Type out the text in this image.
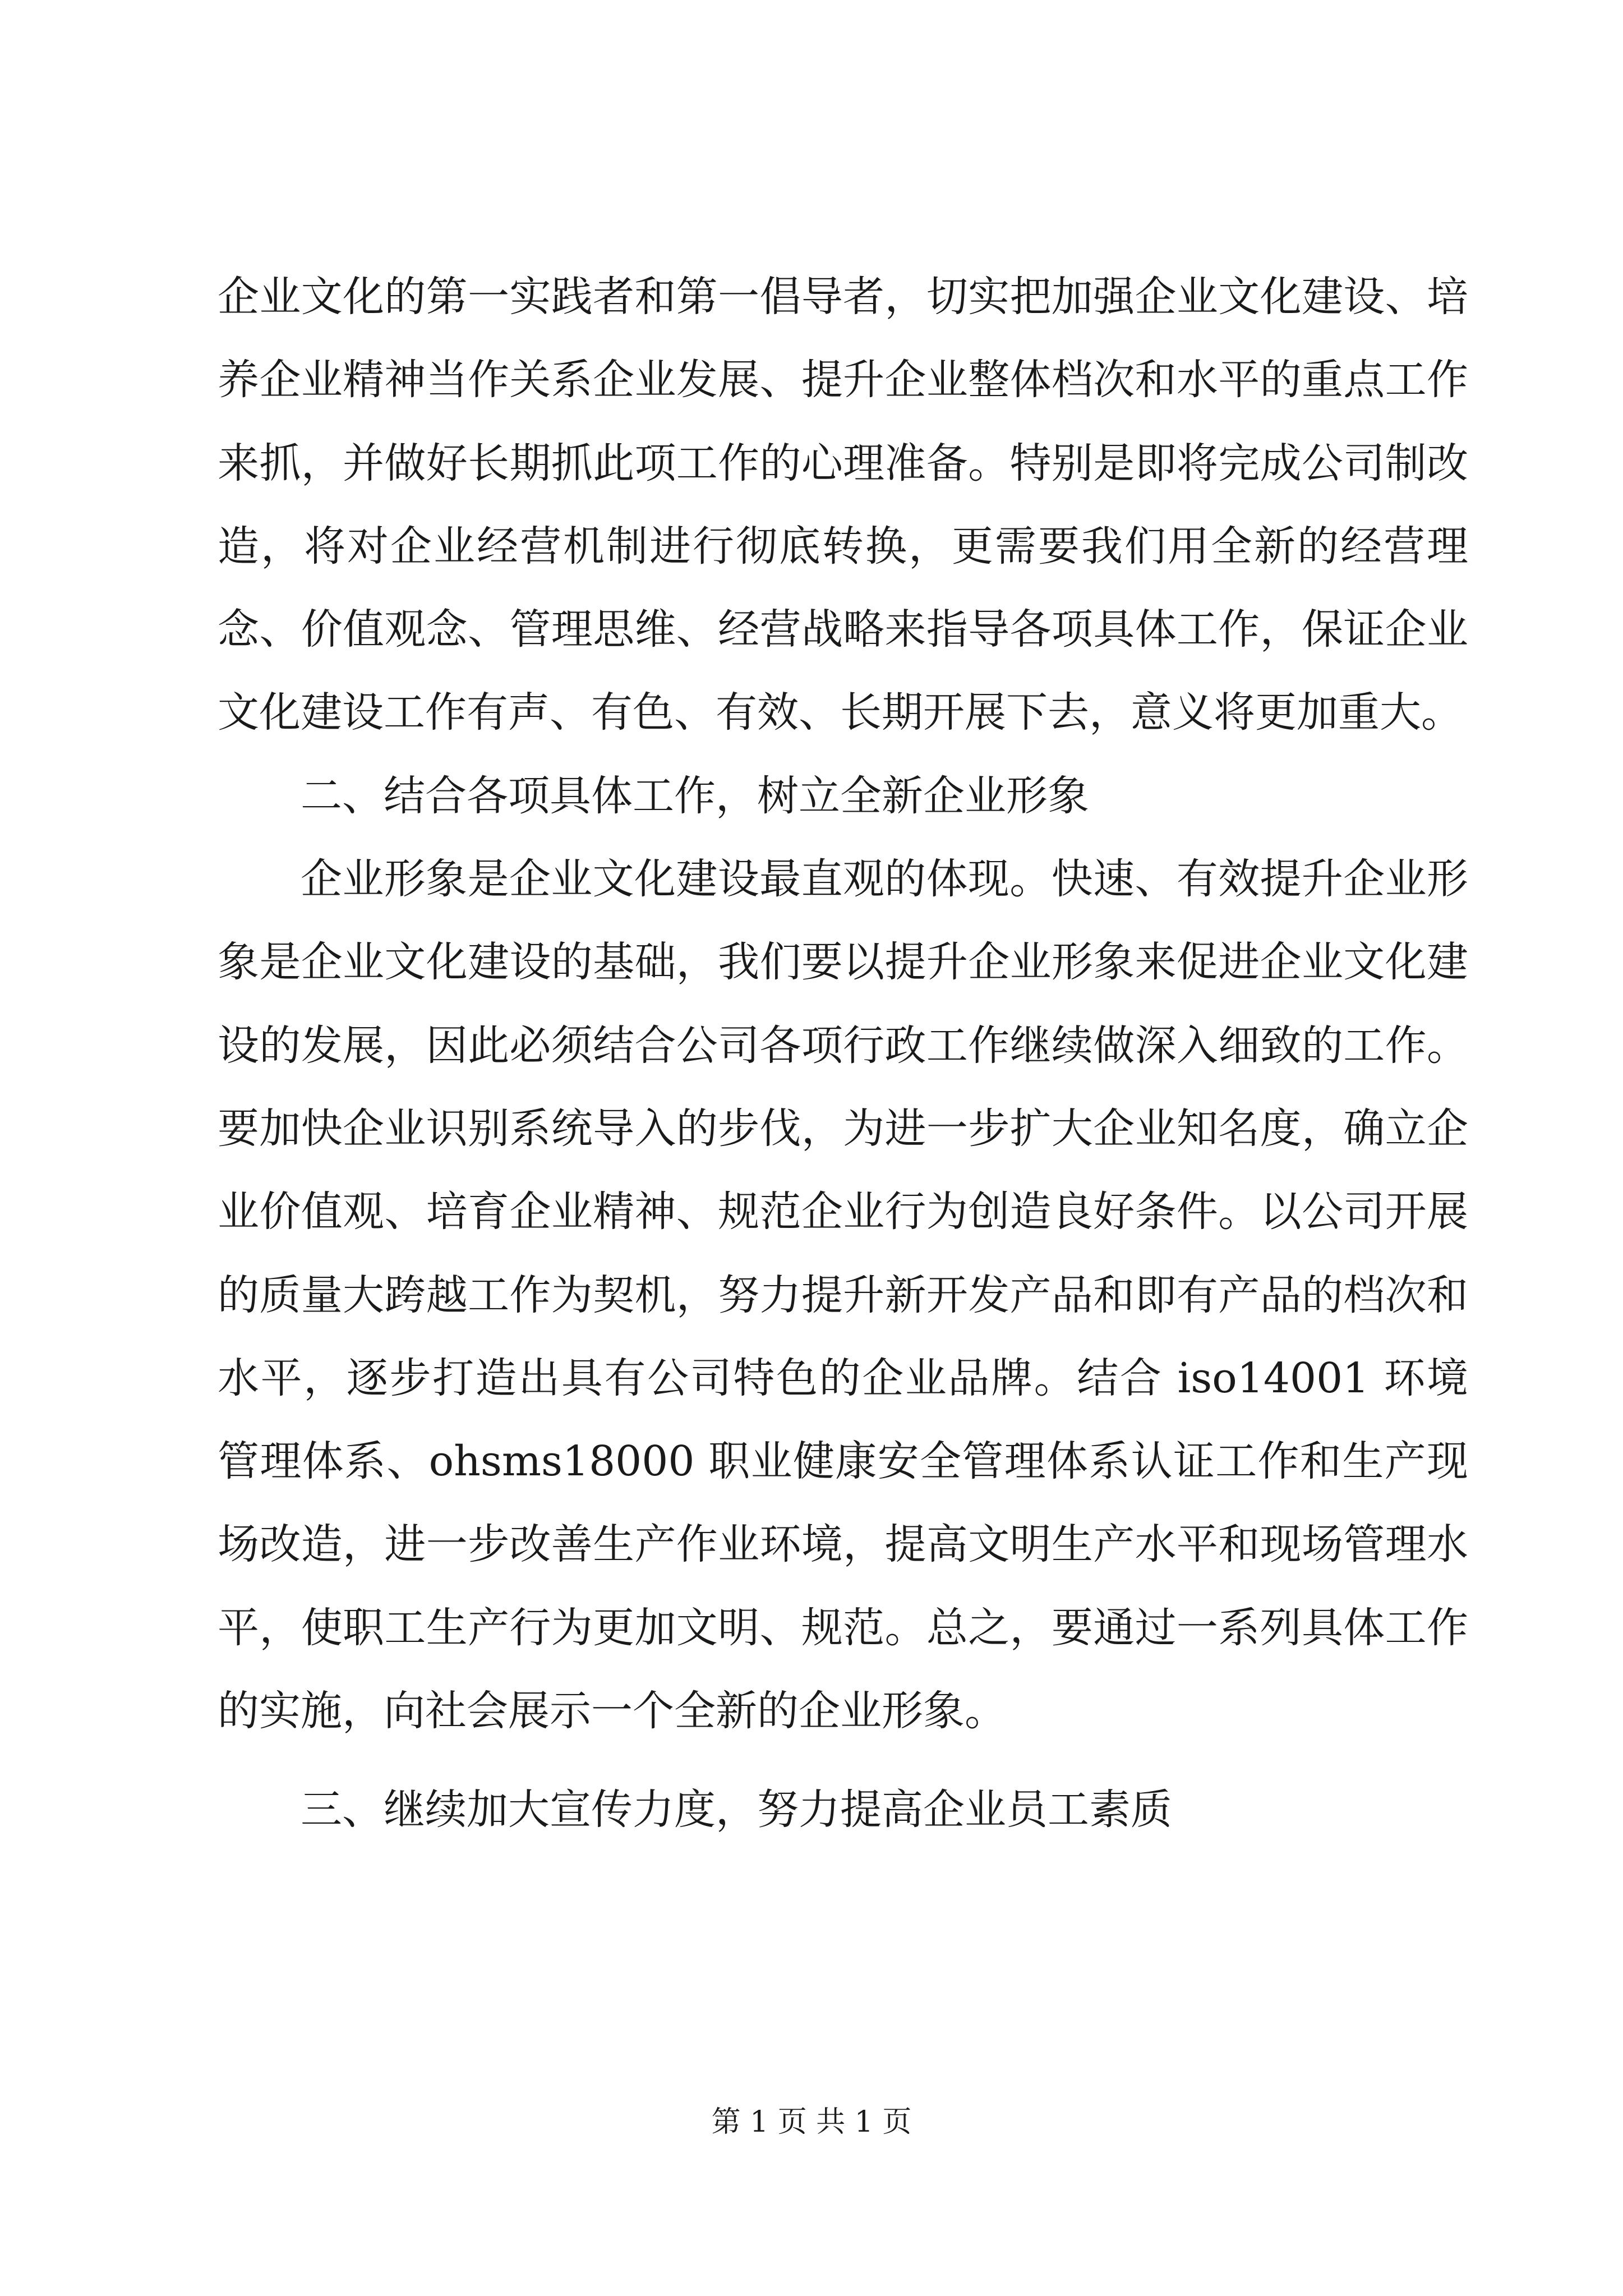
企业文化的第一实践者和第一倡导者，切实把加强企业文化建设、培养企业精神当作关系企业发展、提升企业整体档次和水平的重点工作来抓，并做好长期抓此项工作的心理准备。特别是即将完成公司制改造，将对企业经营机制进行彻底转换，更需要我们用全新的经营理念、价值观念、管理思维、经营战略来指导各项具体工作，保证企业文化建设工作有声、有色、有效、长期开展下去，意义将更加重大。

二、结合各项具体工作，树立全新企业形象

企业形象是企业文化建设最直观的体现。快速、有效提升企业形象是企业文化建设的基础，我们要以提升企业形象来促进企业文化建设的发展，因此必须结合公司各项行政工作继续做深入细致的工作。要加快企业识别系统导入的步伐，为进一步扩大企业知名度，确立企业价值观、培育企业精神、规范企业行为创造良好条件。以公司开展的质量大跨越工作为契机，努力提升新开发产品和即有产品的档次和水平，逐步打造出具有公司特色的企业品牌。结合 iso14001 环境管理体系、ohsms18000 职业健康安全管理体系认证工作和生产现场改造，进一步改善生产作业环境，提高文明生产水平和现场管理水平，使职工生产行为更加文明、规范。总之，要通过一系列具体工作的实施，向社会展示一个全新的企业形象。

三、继续加大宣传力度，努力提高企业员工素质

第 1 页 共 1 页
